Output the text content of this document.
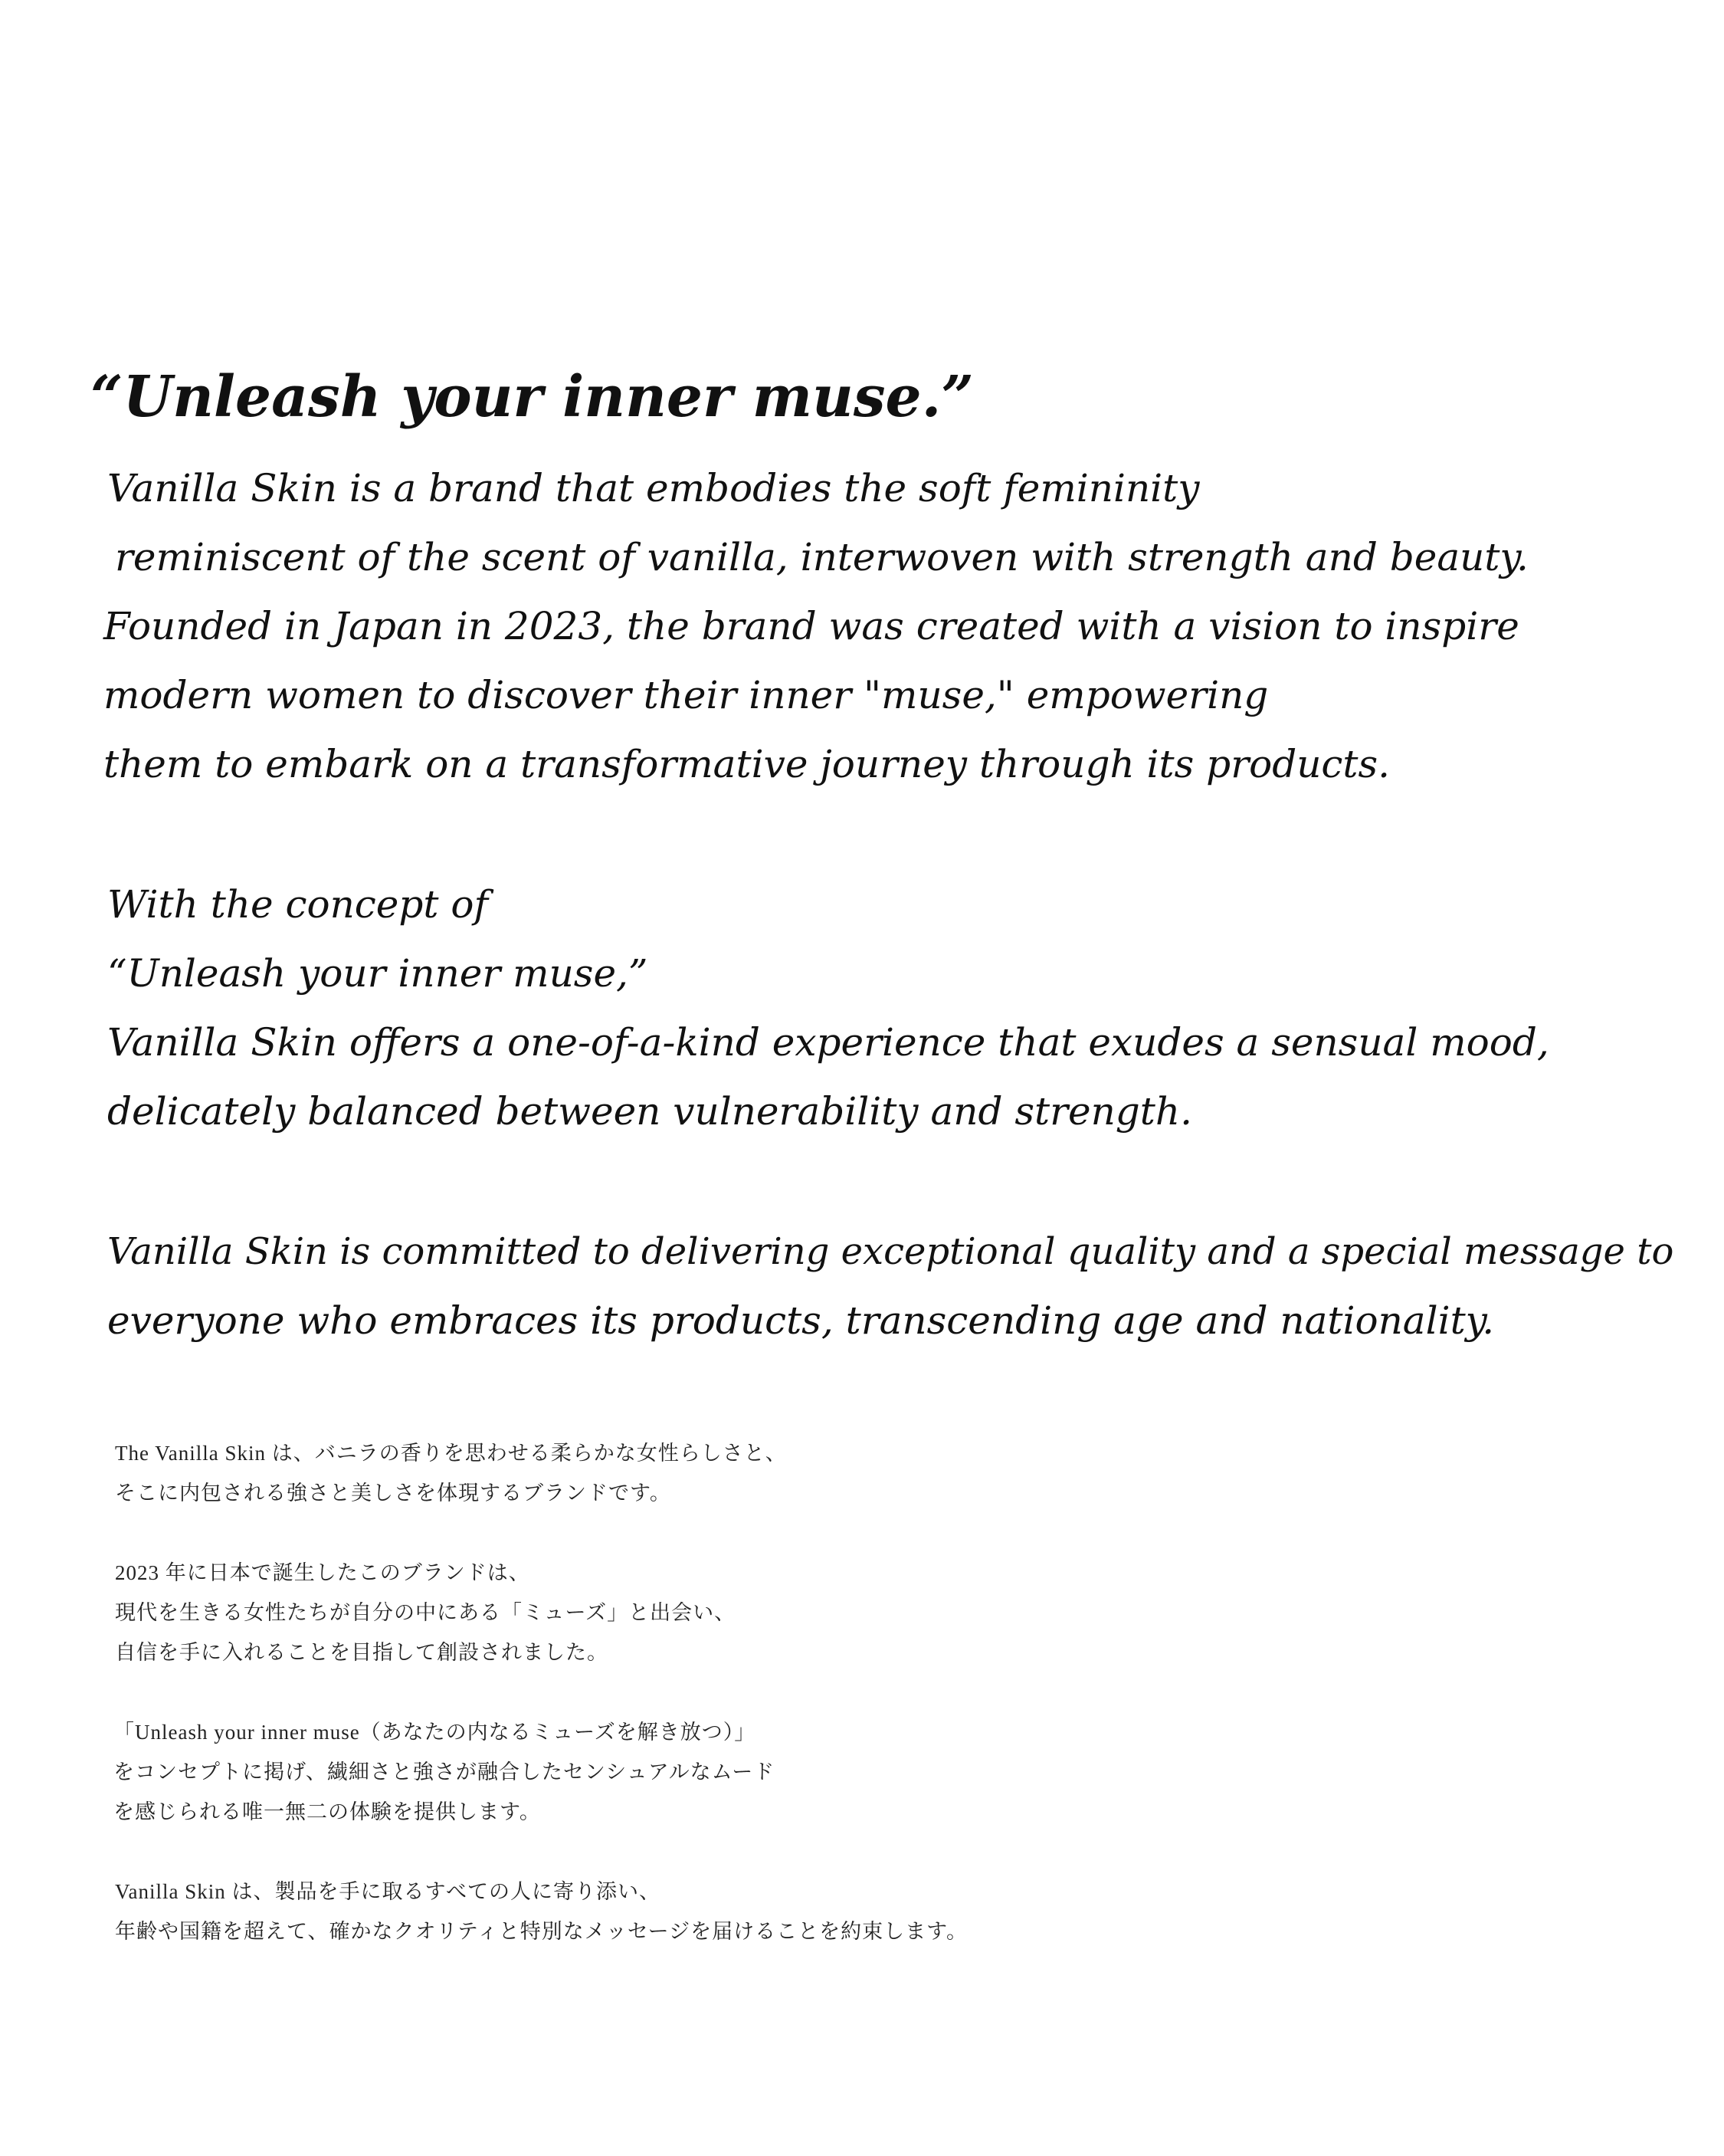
“Unleash your inner muse.”

Vanilla Skin is a brand that embodies the soft femininity

reminiscent of the scent of vanilla, interwoven with strength and beauty.

Founded in Japan in 2023, the brand was created with a vision to inspire

modern women to discover their inner "muse," empowering

them to embark on a transformative journey through its products.

With the concept of

“Unleash your inner muse,”

Vanilla Skin offers a one-of-a-kind experience that exudes a sensual mood,

delicately balanced between vulnerability and strength.

Vanilla Skin is committed to delivering exceptional quality and a special message to

everyone who embraces its products, transcending age and nationality.

The Vanilla Skin は、バニラの香りを思わせる柔らかな女性らしさと、
そこに内包される強さと美しさを体現するブランドです。
2023 年に日本で誕生したこのブランドは、
現代を生きる女性たちが自分の中にある「ミューズ」と出会い、
自信を手に入れることを目指して創設されました。
「Unleash your inner muse（あなたの内なるミューズを解き放つ）」
をコンセプトに掲げ、繊細さと強さが融合したセンシュアルなムード
を感じられる唯一無二の体験を提供します。
Vanilla Skin は、製品を手に取るすべての人に寄り添い、
年齢や国籍を超えて、確かなクオリティと特別なメッセージを届けることを約束します。
